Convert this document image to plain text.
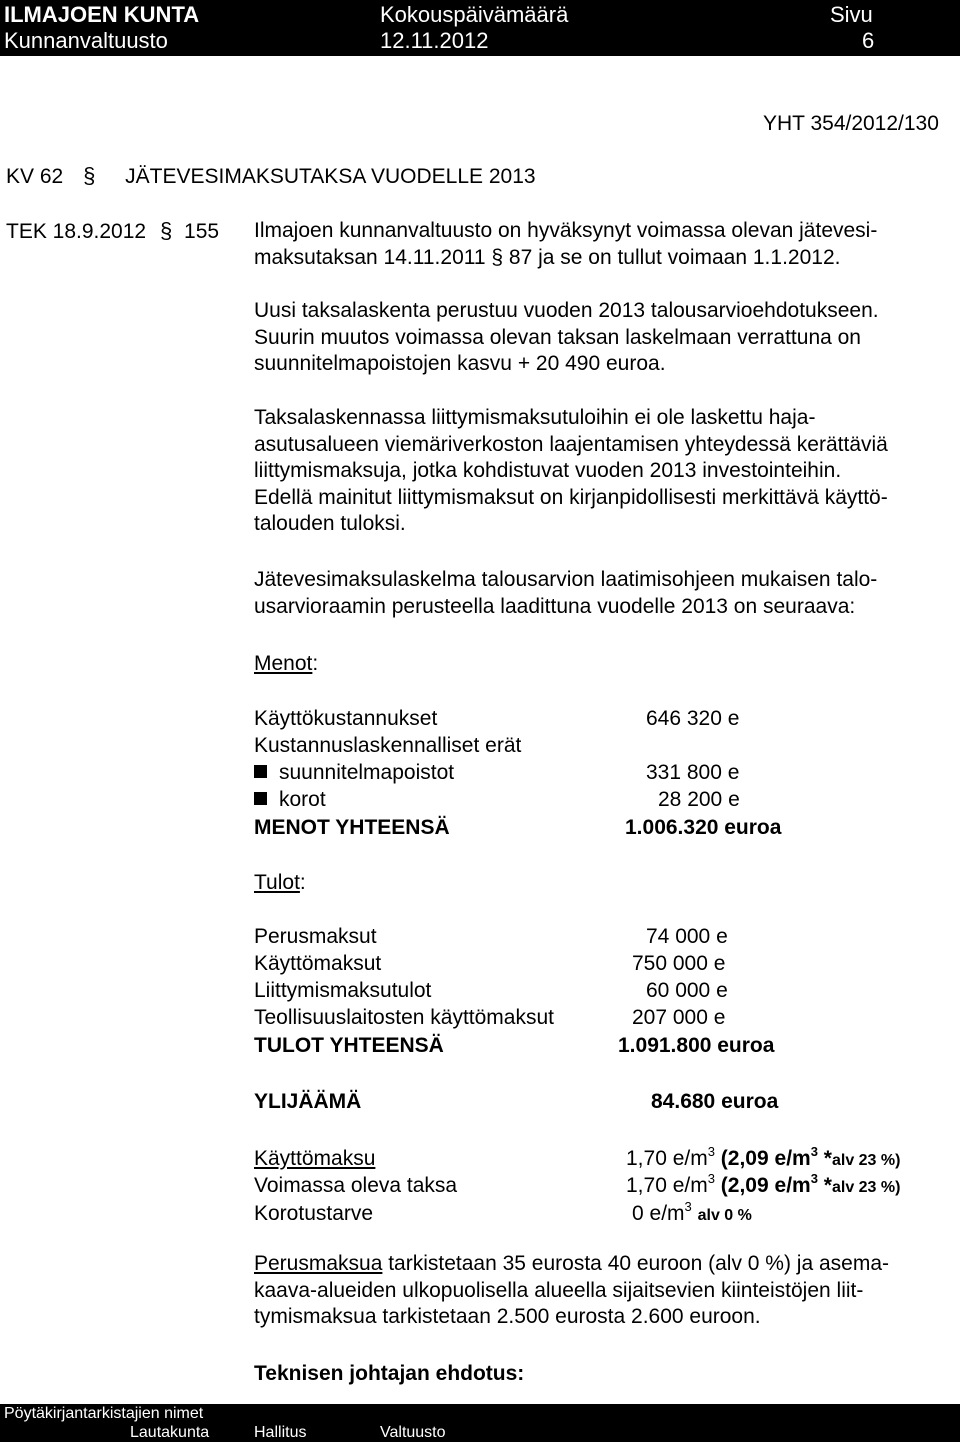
ILMAJOEN KUNTA
Kunnanvaltuusto
Kokouspäivämäärä
12.11.2012
Sivu
6
YHT 354/2012/130
KV 62 § JÄTEVESIMAKSUTAKSA VUODELLE 2013
TEK 18.9.2012 § 155 Ilmajoen kunnanvaltuusto on hyväksynyt voimassa olevan jätevesi-
maksutaksan 14.11.2011 § 87 ja se on tullut voimaan 1.1.2012.
Uusi taksalaskenta perustuu vuoden 2013 talousarvioehdotukseen.
Suurin muutos voimassa olevan taksan laskelmaan verrattuna on
suunnitelmapoistojen kasvu + 20 490 euroa.
Taksalaskennassa liittymismaksutuloihin ei ole laskettu haja-
asutusalueen viemäriverkoston laajentamisen yhteydessä kerättäviä
liittymismaksuja, jotka kohdistuvat vuoden 2013 investointeihin.
Edellä mainitut liittymismaksut on kirjanpidollisesti merkittävä käyttö-
talouden tuloksi.
Jätevesimaksulaskelma talousarvion laatimisohjeen mukaisen talo-
usarvioraamin perusteella laadittuna vuodelle 2013 on seuraava:
Menot:
Käyttökustannukset	646 320 e
Kustannuslaskennalliset erät
suunnitelmapoistot	331 800 e
korot	28 200 e
MENOT YHTEENSÄ	1.006.320 euroa
Tulot:
Perusmaksut	74 000 e
Käyttömaksut	750 000 e
Liittymismaksutulot	60 000 e
Teollisuuslaitosten käyttömaksut	207 000 e
TULOT YHTEENSÄ	1.091.800 euroa
YLIJÄÄMÄ	84.680 euroa
Käyttömaksu	1,70 $e/m^3$ (2,09 $e/m^3$ *alv 23 %)
Voimassa oleva taksa	1,70 $e/m^3$ (2,09 $e/m^3$ *alv 23 %)
Korotustarve	0 $e/m^3$ alv 0 %
Perusmaksua tarkistetaan 35 eurosta 40 euroon (alv 0 %) ja asema-
kaava-alueiden ulkopuolisella alueella sijaitsevien kiinteistöjen liit-
tymismaksua tarkistetaan 2.500 eurosta 2.600 euroon.
Teknisen johtajan ehdotus:
Pöytäkirjantarkistajien nimet
Lautakunta	Hallitus	Valtuusto
